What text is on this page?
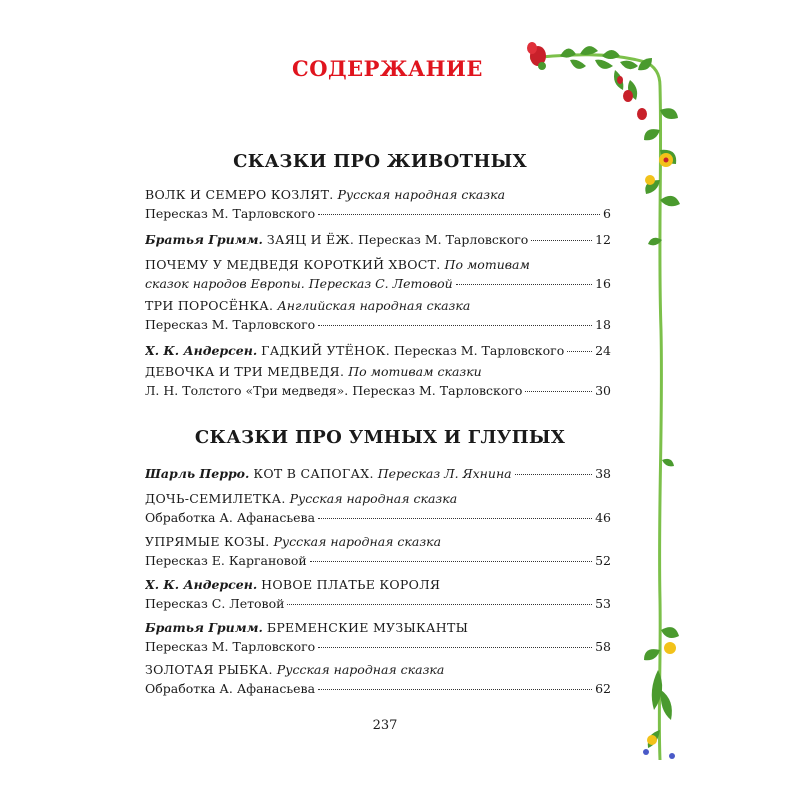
СОДЕРЖАНИЕ
СКАЗКИ ПРО ЖИВОТНЫХ
ВОЛК И СЕМЕРО КОЗЛЯТ. Русская народная сказка
Пересказ М. Тарловского	6
Братья Гримм. ЗАЯЦ И ЁЖ. Пересказ М. Тарловского	12
ПОЧЕМУ У МЕДВЕДЯ КОРОТКИЙ ХВОСТ. По мотивам
сказок народов Европы. Пересказ С. Летовой	16
ТРИ ПОРОСЁНКА. Английская народная сказка
Пересказ М. Тарловского	18
Х. К. Андерсен. ГАДКИЙ УТЁНОК. Пересказ М. Тарловского 24
ДЕВОЧКА И ТРИ МЕДВЕДЯ. По мотивам сказки
Л. Н. Толстого «Три медведя». Пересказ М. Тарловского	30
СКАЗКИ ПРО УМНЫХ И ГЛУПЫХ
Шарль Перро. КОТ В САПОГАХ. Пересказ Л. Яхнина	38
ДОЧЬ-СЕМИЛЕТКА. Русская народная сказка
Обработка А. Афанасьева	46
УПРЯМЫЕ КОЗЫ. Русская народная сказка
Пересказ Е. Каргановой	52
Х. К. Андерсен. НОВОЕ ПЛАТЬЕ КОРОЛЯ
Пересказ С. Летовой	53
Братья Гримм. БРЕМЕНСКИЕ МУЗЫКАНТЫ
Пересказ М. Тарловского	58
ЗОЛОТАЯ РЫБКА. Русская народная сказка
Обработка А. Афанасьева	62
237
